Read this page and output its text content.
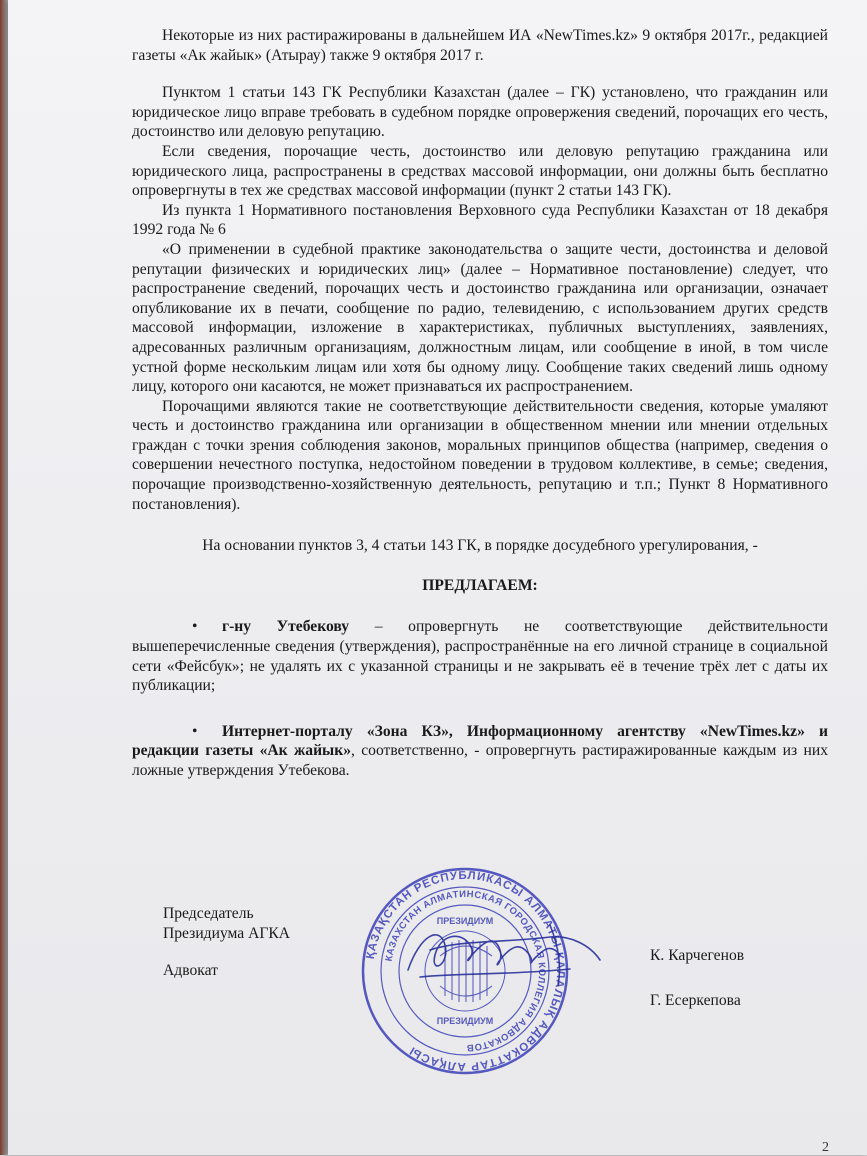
Некоторые из них растиражированы в дальнейшем ИА «NewTimes.kz» 9 октября 2017г., редакцией газеты «Ак жайык» (Атырау) также 9 октября 2017 г.

Пунктом 1 статьи 143 ГК Республики Казахстан (далее – ГК) установлено, что гражданин или юридическое лицо вправе требовать в судебном порядке опровержения сведений, порочащих его честь, достоинство или деловую репутацию.

Если сведения, порочащие честь, достоинство или деловую репутацию гражданина или юридического лица, распространены в средствах массовой информации, они должны быть бесплатно опровергнуты в тех же средствах массовой информации (пункт 2 статьи 143 ГК).

Из пункта 1 Нормативного постановления Верховного суда Республики Казахстан от 18 декабря 1992 года № 6

«О применении в судебной практике законодательства о защите чести, достоинства и деловой репутации физических и юридических лиц» (далее – Нормативное постановление) следует, что распространение сведений, порочащих честь и достоинство гражданина или организации, означает опубликование их в печати, сообщение по радио, телевидению, с использованием других средств массовой информации, изложение в характеристиках, публичных выступлениях, заявлениях, адресованных различным организациям, должностным лицам, или сообщение в иной, в том числе устной форме нескольким лицам или хотя бы одному лицу. Сообщение таких сведений лишь одному лицу, которого они касаются, не может признаваться их распространением.

Порочащими являются такие не соответствующие действительности сведения, которые умаляют честь и достоинство гражданина или организации в общественном мнении или мнении отдельных граждан с точки зрения соблюдения законов, моральных принципов общества (например, сведения о совершении нечестного поступка, недостойном поведении в трудовом коллективе, в семье; сведения, порочащие производственно-хозяйственную деятельность, репутацию и т.п.; Пункт 8 Нормативного постановления).

На основании пунктов 3, 4 статьи 143 ГК, в порядке досудебного урегулирования, -

ПРЕДЛАГАЕМ:

• г-ну Утебекову – опровергнуть не соответствующие действительности вышеперечисленные сведения (утверждения), распространённые на его личной странице в социальной сети «Фейсбук»; не удалять их с указанной страницы и не закрывать её в течение трёх лет с даты их публикации;

• Интернет-порталу «Зона КЗ», Информационному агентству «NewTimes.kz» и редакции газеты «Ак жайык», соответственно, - опровергнуть растиражированные каждым из них ложные утверждения Утебекова.

Председатель
Президиума АГКА
Адвокат
К. Карчегенов
Г. Есеркепова
ҚАЗАҚСТАН РЕСПУБЛИКАСЫ АЛМАТЫ ҚАЛАЛЫҚ АДВОКАТТАР АЛҚАСЫ
КАЗАХСТАН АЛМАТИНСКАЯ ГОРОДСКАЯ КОЛЛЕГИЯ АДВОКАТОВ
ПРЕЗИДИУМ
ПРЕЗИДИУМ
2
